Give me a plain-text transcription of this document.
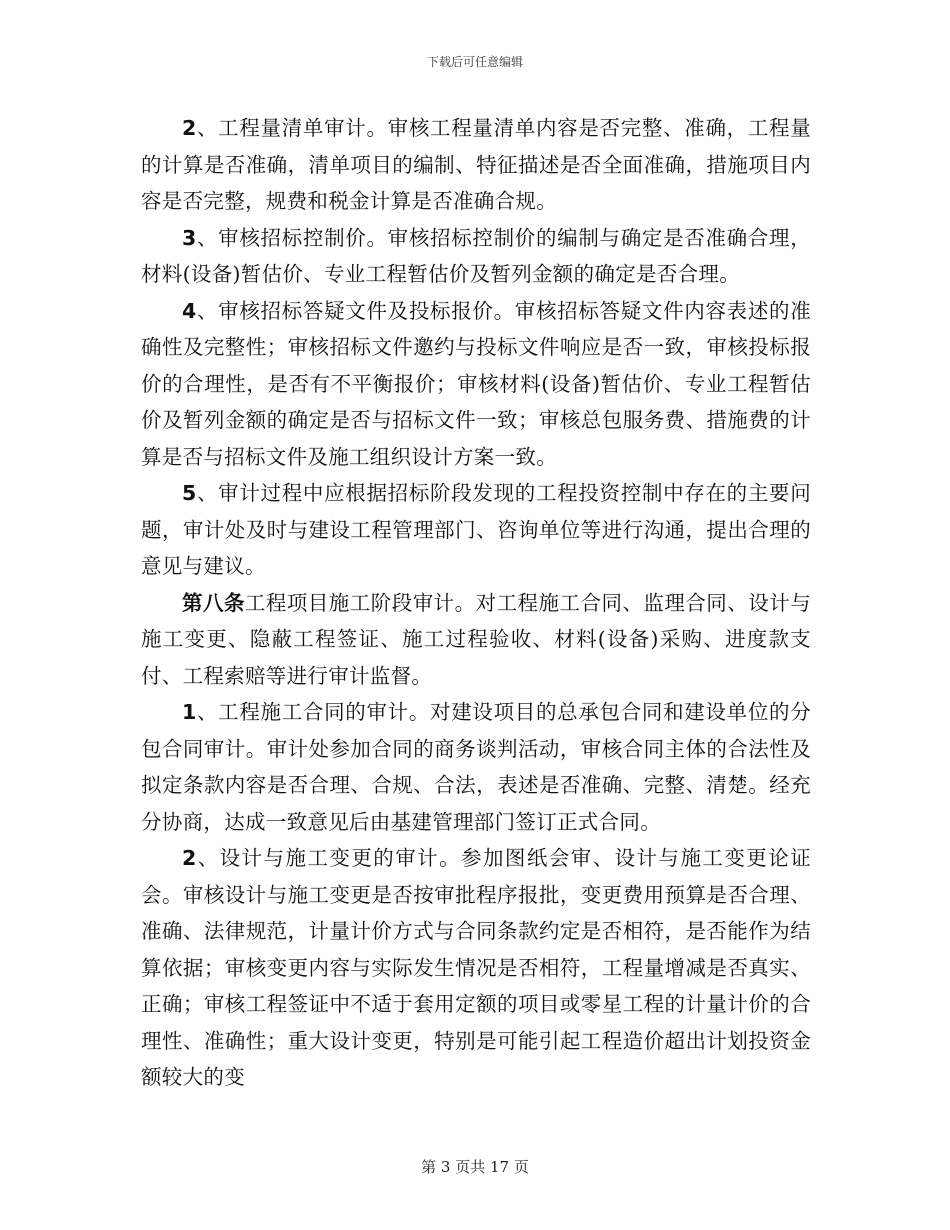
下载后可任意编辑

2、工程量清单审计。审核工程量清单内容是否完整、准确，工程量的计算是否准确，清单项目的编制、特征描述是否全面准确，措施项目内容是否完整，规费和税金计算是否准确合规。

3、审核招标控制价。审核招标控制价的编制与确定是否准确合理，材料(设备)暂估价、专业工程暂估价及暂列金额的确定是否合理。

4、审核招标答疑文件及投标报价。审核招标答疑文件内容表述的准确性及完整性；审核招标文件邀约与投标文件响应是否一致，审核投标报价的合理性，是否有不平衡报价；审核材料(设备)暂估价、专业工程暂估价及暂列金额的确定是否与招标文件一致；审核总包服务费、措施费的计算是否与招标文件及施工组织设计方案一致。

5、审计过程中应根据招标阶段发现的工程投资控制中存在的主要问题，审计处及时与建设工程管理部门、咨询单位等进行沟通，提出合理的意见与建议。

第八条工程项目施工阶段审计。对工程施工合同、监理合同、设计与施工变更、隐蔽工程签证、施工过程验收、材料(设备)采购、进度款支付、工程索赔等进行审计监督。

1、工程施工合同的审计。对建设项目的总承包合同和建设单位的分包合同审计。审计处参加合同的商务谈判活动，审核合同主体的合法性及拟定条款内容是否合理、合规、合法，表述是否准确、完整、清楚。经充分协商，达成一致意见后由基建管理部门签订正式合同。

2、设计与施工变更的审计。参加图纸会审、设计与施工变更论证会。审核设计与施工变更是否按审批程序报批，变更费用预算是否合理、准确、法律规范，计量计价方式与合同条款约定是否相符，是否能作为结算依据；审核变更内容与实际发生情况是否相符，工程量增减是否真实、正确；审核工程签证中不适于套用定额的项目或零星工程的计量计价的合理性、准确性；重大设计变更，特别是可能引起工程造价超出计划投资金额较大的变

第 3 页共 17 页
